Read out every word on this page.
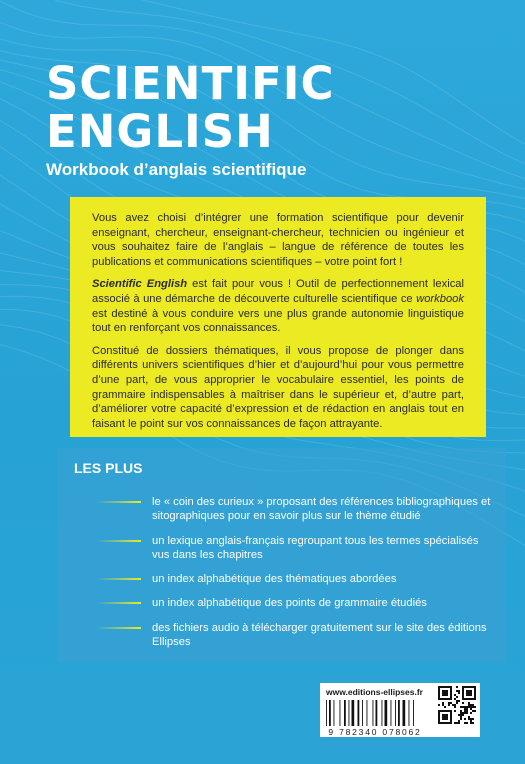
SCIENTIFIC
ENGLISH
Workbook d’anglais scientifique

Vous avez choisi d’intégrer une formation scientifique pour devenir enseignant, chercheur, enseignant-chercheur, technicien ou ingénieur et vous souhaitez faire de l’anglais – langue de référence de toutes les publications et communications scientifiques – votre point fort !

Scientific English est fait pour vous ! Outil de perfectionnement lexical associé à une démarche de découverte culturelle scientifique ce workbook est destiné à vous conduire vers une plus grande autonomie linguistique tout en renforçant vos connaissances.

Constitué de dossiers thématiques, il vous propose de plonger dans différents univers scientifiques d’hier et d’aujourd’hui pour vous permettre d’une part, de vous approprier le vocabulaire essentiel, les points de grammaire indispensables à maîtriser dans le supérieur et, d’autre part, d’améliorer votre capacité d’expression et de rédaction en anglais tout en faisant le point sur vos connaissances de façon attrayante.

LES PLUS
le « coin des curieux » proposant des références bibliographiques et sitographiques pour en savoir plus sur le thème étudié
un lexique anglais-français regroupant tous les termes spécialisés vus dans les chapitres
un index alphabétique des thématiques abordées
un index alphabétique des points de grammaire étudiés
des fichiers audio à télécharger gratuitement sur le site des éditions Ellipses
www.editions-ellipses.fr
9 782340 078062
